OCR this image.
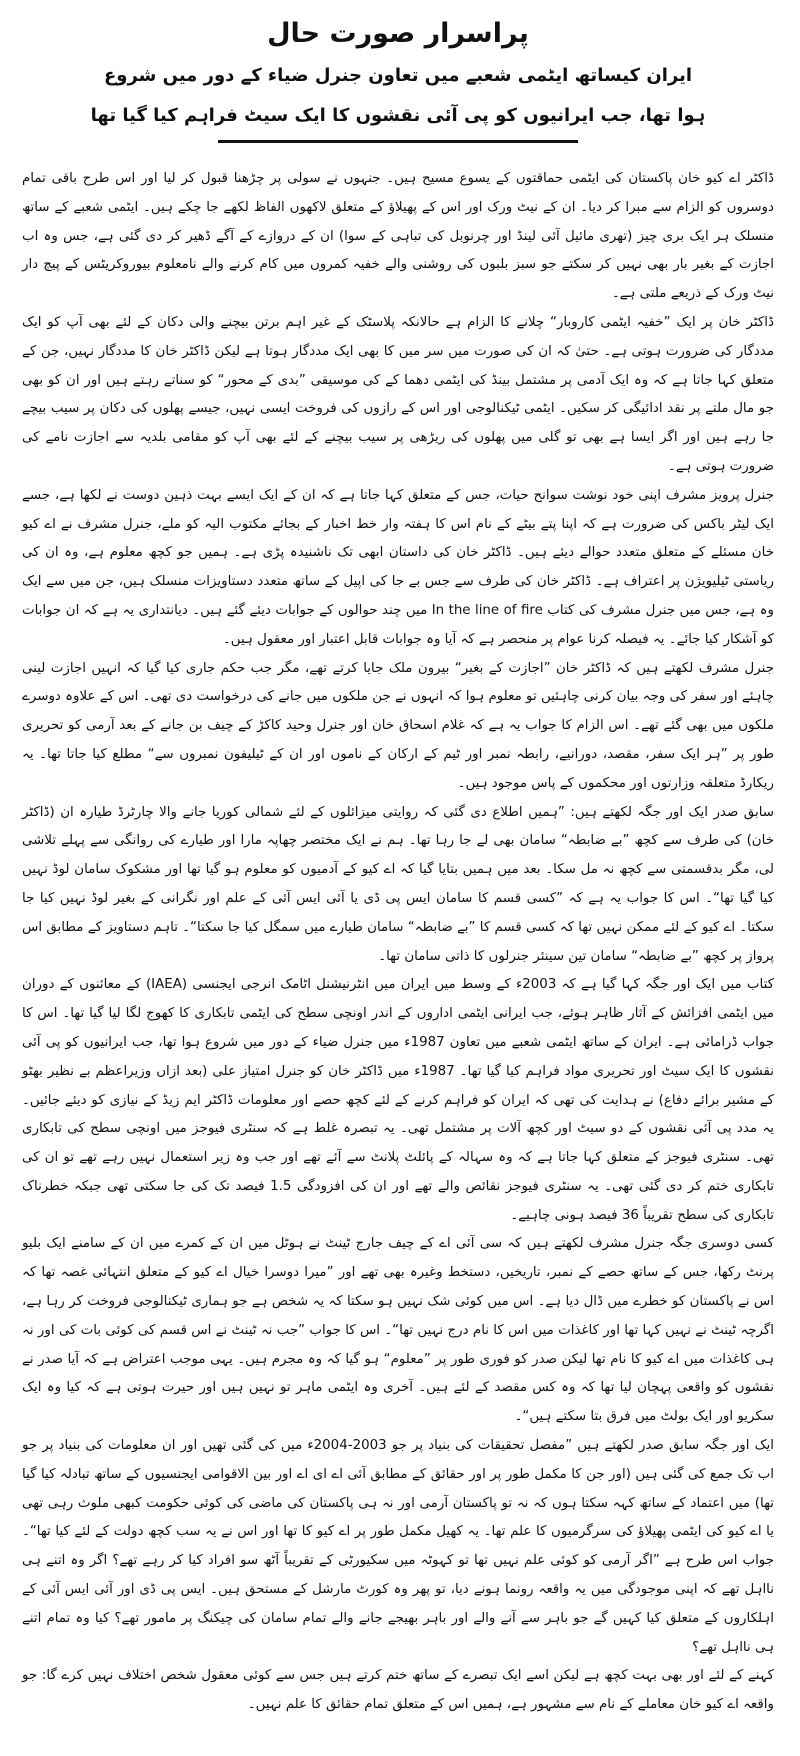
پراسرار صورت حال
ایران کیساتھ ایٹمی شعبے میں تعاون جنرل ضیاء کے دور میں شروع
ہوا تھا، جب ایرانیوں کو پی آئی نقشوں کا ایک سیٹ فراہم کیا گیا تھا

ڈاکٹر اے کیو خان پاکستان کی ایٹمی حماقتوں کے یسوع مسیح ہیں۔ جنہوں نے سولی پر چڑھنا قبول کر لیا اور اس طرح باقی تمام دوسروں کو الزام سے مبرا کر دیا۔ ان کے نیٹ ورک اور اس کے پھیلاؤ کے متعلق لاکھوں الفاظ لکھے جا چکے ہیں۔ ایٹمی شعبے کے ساتھ منسلک ہر ایک بری چیز (تھری مائیل آئی لینڈ اور چرنوبل کی تباہی کے سوا) ان کے دروازے کے آگے ڈھیر کر دی گئی ہے، جس وہ اب اجازت کے بغیر بار بھی نہیں کر سکتے جو سبز بلبوں کی روشنی والے خفیہ کمروں میں کام کرنے والے نامعلوم بیوروکریٹس کے پیچ دار نیٹ ورک کے ذریعے ملتی ہے۔

ڈاکٹر خان پر ایک ”خفیہ ایٹمی کاروبار“ چلانے کا الزام ہے حالانکہ پلاسٹک کے غیر اہم برتن بیچنے والی دکان کے لئے بھی آپ کو ایک مددگار کی ضرورت ہوتی ہے۔ حتیٰ کہ ان کی صورت میں سر میں کا بھی ایک مددگار ہوتا ہے لیکن ڈاکٹر خان کا مددگار نہیں، جن کے متعلق کہا جاتا ہے کہ وہ ایک آدمی پر مشتمل بینڈ کی ایٹمی دھما کے کی موسیقی ”بدی کے محور“ کو سناتے رہتے ہیں اور ان کو بھی جو مال ملتے پر نقد ادائیگی کر سکیں۔ ایٹمی ٹیکنالوجی اور اس کے رازوں کی فروخت ایسی نہیں، جیسے پھلوں کی دکان پر سیب بیچے جا رہے ہیں اور اگر ایسا ہے بھی تو گلی میں پھلوں کی ریڑھی پر سیب بیچنے کے لئے بھی آپ کو مقامی بلدیہ سے اجازت نامے کی ضرورت ہوتی ہے۔

جنرل پرویز مشرف اپنی خود نوشت سوانح حیات، جس کے متعلق کہا جاتا ہے کہ ان کے ایک ایسے بہت ذہین دوست نے لکھا ہے، جسے ایک لیٹر باکس کی ضرورت ہے کہ اپنا پتے بیٹے کے نام اس کا ہفتہ وار خط اخبار کے بجائے مکتوب الیہ کو ملے، جنرل مشرف نے اے کیو خان مسئلے کے متعلق متعدد حوالے دیئے ہیں۔ ڈاکٹر خان کی داستان ابھی تک ناشنیدہ پڑی ہے۔ ہمیں جو کچھ معلوم ہے، وہ ان کی ریاستی ٹیلیویژن پر اعتراف ہے۔ ڈاکٹر خان کی طرف سے جس بے جا کی اپیل کے ساتھ متعدد دستاویزات منسلک ہیں، جن میں سے ایک وہ ہے، جس میں جنرل مشرف کی کتاب In the line of fire میں چند حوالوں کے جوابات دیئے گئے ہیں۔ دیانتداری یہ ہے کہ ان جوابات کو آشکار کیا جائے۔ یہ فیصلہ کرنا عوام پر منحصر ہے کہ آیا وہ جوابات قابل اعتبار اور معقول ہیں۔

جنرل مشرف لکھتے ہیں کہ ڈاکٹر خان ”اجازت کے بغیر“ بیرون ملک جایا کرتے تھے، مگر جب حکم جاری کیا گیا کہ انہیں اجازت لینی چاہئے اور سفر کی وجہ بیان کرنی چاہئیں تو معلوم ہوا کہ انہوں نے جن ملکوں میں جانے کی درخواست دی تھی۔ اس کے علاوہ دوسرے ملکوں میں بھی گئے تھے۔ اس الزام کا جواب یہ ہے کہ غلام اسحاق خان اور جنرل وحید کاکڑ کے چیف بن جانے کے بعد آرمی کو تحریری طور پر ”ہر ایک سفر، مقصد، دورانیے، رابطہ نمبر اور ٹیم کے ارکان کے ناموں اور ان کے ٹیلیفون نمبروں سے“ مطلع کیا جاتا تھا۔ یہ ریکارڈ متعلقہ وزارتوں اور محکموں کے پاس موجود ہیں۔

سابق صدر ایک اور جگہ لکھتے ہیں: ”ہمیں اطلاع دی گئی کہ روایتی میزائلوں کے لئے شمالی کوریا جانے والا چارٹرڈ طیارہ ان (ڈاکٹر خان) کی طرف سے کچھ ”بے ضابطہ“ سامان بھی لے جا رہا تھا۔ ہم نے ایک مختصر چھاپہ مارا اور طیارے کی روانگی سے پہلے تلاشی لی، مگر بدقسمتی سے کچھ نہ مل سکا۔ بعد میں ہمیں بتایا گیا کہ اے کیو کے آدمیوں کو معلوم ہو گیا تھا اور مشکوک سامان لوڈ نہیں کیا گیا تھا“۔ اس کا جواب یہ ہے کہ ”کسی قسم کا سامان ایس پی ڈی یا آئی ایس آئی کے علم اور نگرانی کے بغیر لوڈ نہیں کیا جا سکتا۔ اے کیو کے لئے ممکن نہیں تھا کہ کسی قسم کا ”بے ضابطہ“ سامان طیارے میں سمگل کیا جا سکتا“۔ تاہم دستاویز کے مطابق اس پرواز پر کچھ ”بے ضابطہ“ سامان تین سینئر جنرلوں کا ذاتی سامان تھا۔

کتاب میں ایک اور جگہ کہا گیا ہے کہ 2003ء کے وسط میں ایران میں انٹرنیشنل اٹامک انرجی ایجنسی (IAEA) کے معائنوں کے دوران میں ایٹمی افزائش کے آثار ظاہر ہوئے، جب ایرانی ایٹمی اداروں کے اندر اونچی سطح کی ایٹمی تابکاری کا کھوج لگا لیا گیا تھا۔ اس کا جواب ڈرامائی ہے۔ ایران کے ساتھ ایٹمی شعبے میں تعاون 1987ء میں جنرل ضیاء کے دور میں شروع ہوا تھا، جب ایرانیوں کو پی آئی نقشوں کا ایک سیٹ اور تحریری مواد فراہم کیا گیا تھا۔ 1987ء میں ڈاکٹر خان کو جنرل امتیاز علی (بعد ازاں وزیراعظم بے نظیر بھٹو کے مشیر برائے دفاع) نے ہدایت کی تھی کہ ایران کو فراہم کرنے کے لئے کچھ حصے اور معلومات ڈاکٹر ایم زیڈ کے نیازی کو دیئے جائیں۔ یہ مدد پی آئی نقشوں کے دو سیٹ اور کچھ آلات پر مشتمل تھی۔ یہ تبصرہ غلط ہے کہ سنٹری فیوجز میں اونچی سطح کی تابکاری تھی۔ سنٹری فیوجز کے متعلق کہا جاتا ہے کہ وہ سہالہ کے پائلٹ پلانٹ سے آئے تھے اور جب وہ زیر استعمال نہیں رہے تھے تو ان کی تابکاری ختم کر دی گئی تھی۔ یہ سنٹری فیوجز نقائص والے تھے اور ان کی افزودگی 1.5 فیصد تک کی جا سکتی تھی جبکہ خطرناک تابکاری کی سطح تقریباً 36 فیصد ہونی چاہیے۔

کسی دوسری جگہ جنرل مشرف لکھتے ہیں کہ سی آئی اے کے چیف جارج ٹینٹ نے ہوٹل میں ان کے کمرے میں ان کے سامنے ایک بلیو پرنٹ رکھا، جس کے ساتھ حصے کے نمبر، تاریخیں، دستخط وغیرہ بھی تھے اور ”میرا دوسرا خیال اے کیو کے متعلق انتہائی غصہ تھا کہ اس نے پاکستان کو خطرے میں ڈال دیا ہے۔ اس میں کوئی شک نہیں ہو سکتا کہ یہ شخص ہے جو ہماری ٹیکنالوجی فروخت کر رہا ہے، اگرچہ ٹینٹ نے نہیں کہا تھا اور کاغذات میں اس کا نام درج نہیں تھا“۔ اس کا جواب ”جب نہ ٹینٹ نے اس قسم کی کوئی بات کی اور نہ ہی کاغذات میں اے کیو کا نام تھا لیکن صدر کو فوری طور پر ”معلوم“ ہو گیا کہ وہ مجرم ہیں۔ یہی موجب اعتراض ہے کہ آیا صدر نے نقشوں کو واقعی پہچان لیا تھا کہ وہ کس مقصد کے لئے ہیں۔ آخری وہ ایٹمی ماہر تو نہیں ہیں اور حیرت ہوتی ہے کہ کیا وہ ایک سکریو اور ایک بولٹ میں فرق بتا سکتے ہیں“۔

ایک اور جگہ سابق صدر لکھتے ہیں ”مفصل تحقیقات کی بنیاد پر جو 2003-2004ء میں کی گئی تھیں اور ان معلومات کی بنیاد پر جو اب تک جمع کی گئی ہیں (اور جن کا مکمل طور پر اور حقائق کے مطابق آئی اے ای اے اور بین الاقوامی ایجنسیوں کے ساتھ تبادلہ کیا گیا تھا) میں اعتماد کے ساتھ کہہ سکتا ہوں کہ نہ تو پاکستان آرمی اور نہ ہی پاکستان کی ماضی کی کوئی حکومت کبھی ملوث رہی تھی یا اے کیو کی ایٹمی پھیلاؤ کی سرگرمیوں کا علم تھا۔ یہ کھیل مکمل طور پر اے کیو کا تھا اور اس نے یہ سب کچھ دولت کے لئے کیا تھا“۔ جواب اس طرح ہے ”اگر آرمی کو کوئی علم نہیں تھا تو کہوٹہ میں سکیورٹی کے تقریباً آٹھ سو افراد کیا کر رہے تھے؟ اگر وہ اتنے ہی نااہل تھے کہ اپنی موجودگی میں یہ واقعہ رونما ہونے دیا، تو پھر وہ کورٹ مارشل کے مستحق ہیں۔ ایس پی ڈی اور آئی ایس آئی کے اہلکاروں کے متعلق کیا کہیں گے جو باہر سے آنے والے اور باہر بھیجے جانے والے تمام سامان کی چیکنگ پر مامور تھے؟ کیا وہ تمام اتنے ہی نااہل تھے؟

کہنے کے لئے اور بھی بہت کچھ ہے لیکن اسے ایک تبصرے کے ساتھ ختم کرتے ہیں جس سے کوئی معقول شخص اختلاف نہیں کرے گا: جو واقعہ اے کیو خان معاملے کے نام سے مشہور ہے، ہمیں اس کے متعلق تمام حقائق کا علم نہیں۔
